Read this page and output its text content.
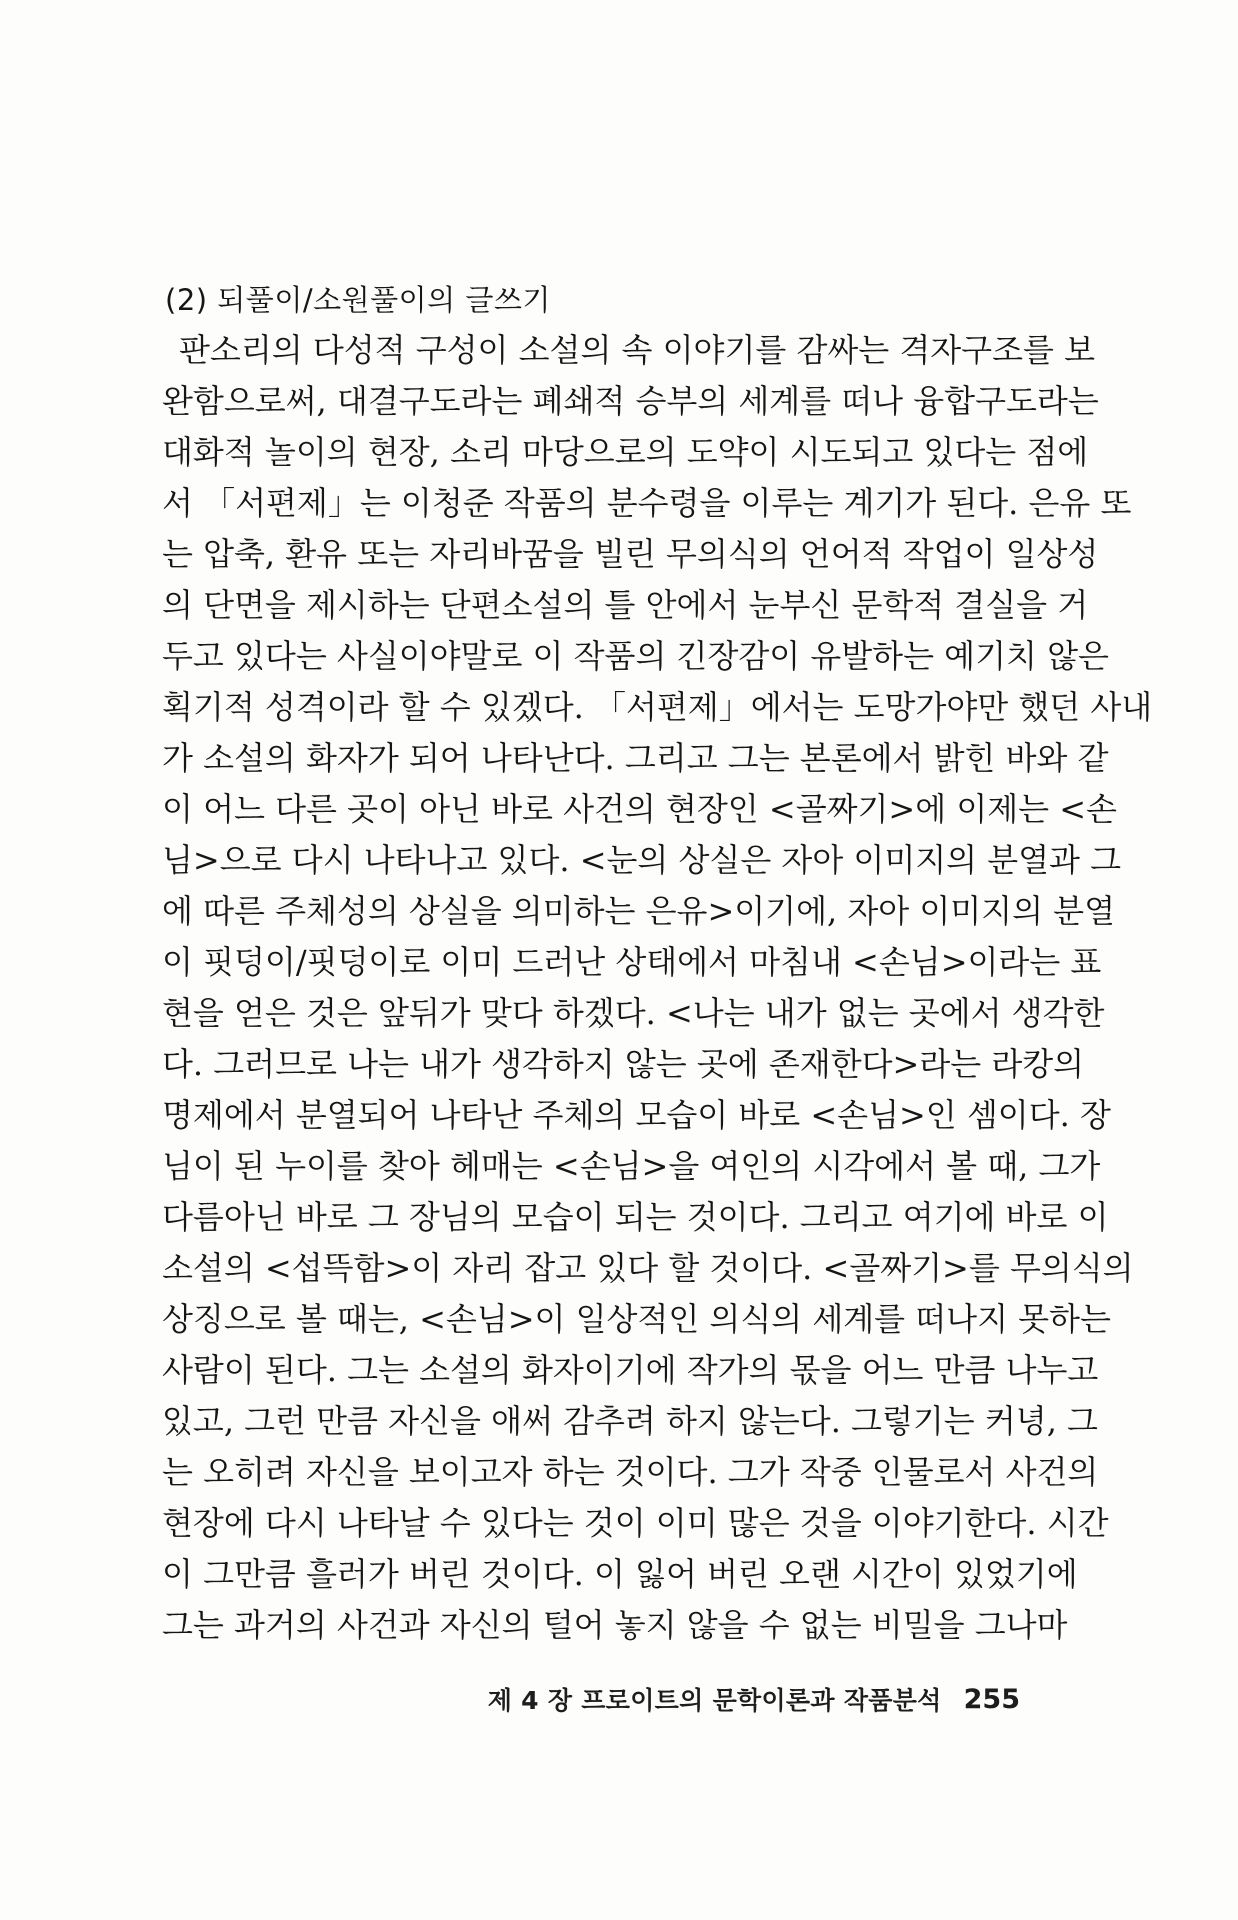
(2) 되풀이/소원풀이의 글쓰기
판소리의 다성적 구성이 소설의 속 이야기를 감싸는 격자구조를 보
완함으로써, 대결구도라는 폐쇄적 승부의 세계를 떠나 융합구도라는
대화적 놀이의 현장, 소리 마당으로의 도약이 시도되고 있다는 점에
서 「서편제」는 이청준 작품의 분수령을 이루는 계기가 된다. 은유 또
는 압축, 환유 또는 자리바꿈을 빌린 무의식의 언어적 작업이 일상성
의 단면을 제시하는 단편소설의 틀 안에서 눈부신 문학적 결실을 거
두고 있다는 사실이야말로 이 작품의 긴장감이 유발하는 예기치 않은
획기적 성격이라 할 수 있겠다. 「서편제」에서는 도망가야만 했던 사내
가 소설의 화자가 되어 나타난다. 그리고 그는 본론에서 밝힌 바와 같
이 어느 다른 곳이 아닌 바로 사건의 현장인 <골짜기>에 이제는 <손
님>으로 다시 나타나고 있다. <눈의 상실은 자아 이미지의 분열과 그
에 따른 주체성의 상실을 의미하는 은유>이기에, 자아 이미지의 분열
이 핏덩이/핏덩이로 이미 드러난 상태에서 마침내 <손님>이라는 표
현을 얻은 것은 앞뒤가 맞다 하겠다. <나는 내가 없는 곳에서 생각한
다. 그러므로 나는 내가 생각하지 않는 곳에 존재한다>라는 라캉의
명제에서 분열되어 나타난 주체의 모습이 바로 <손님>인 셈이다. 장
님이 된 누이를 찾아 헤매는 <손님>을 여인의 시각에서 볼 때, 그가
다름아닌 바로 그 장님의 모습이 되는 것이다. 그리고 여기에 바로 이
소설의 <섭뜩함>이 자리 잡고 있다 할 것이다. <골짜기>를 무의식의
상징으로 볼 때는, <손님>이 일상적인 의식의 세계를 떠나지 못하는
사람이 된다. 그는 소설의 화자이기에 작가의 몫을 어느 만큼 나누고
있고, 그런 만큼 자신을 애써 감추려 하지 않는다. 그렇기는 커녕, 그
는 오히려 자신을 보이고자 하는 것이다. 그가 작중 인물로서 사건의
현장에 다시 나타날 수 있다는 것이 이미 많은 것을 이야기한다. 시간
이 그만큼 흘러가 버린 것이다. 이 잃어 버린 오랜 시간이 있었기에
그는 과거의 사건과 자신의 털어 놓지 않을 수 없는 비밀을 그나마
제 4 장 프로이트의 문학이론과 작품분석 255
